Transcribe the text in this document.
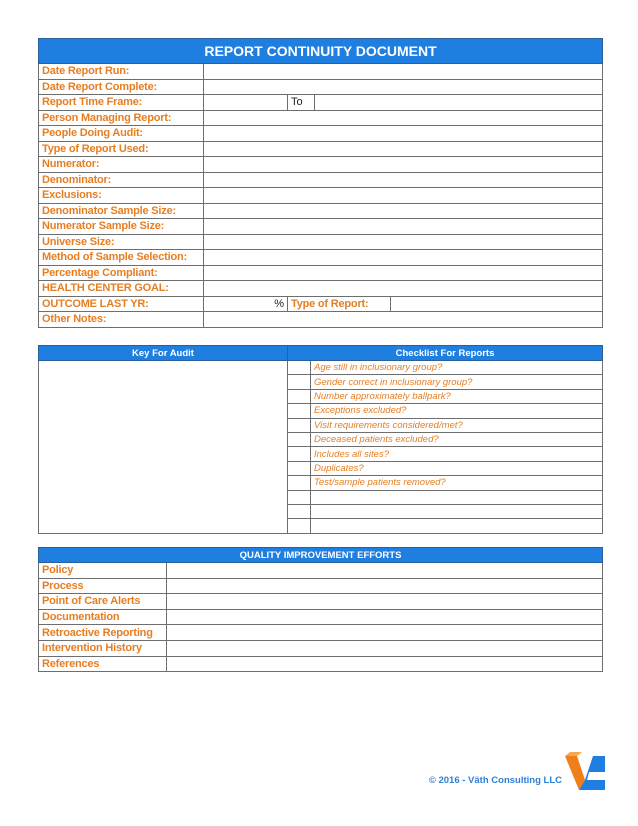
REPORT CONTINUITY DOCUMENT				
Date Report Run:				
Date Report Complete:				
Report Time Frame:		To		
Person Managing Report:				
People Doing Audit:				
Type of Report Used:				
Numerator:				
Denominator:				
Exclusions:				
Denominator Sample Size:				
Numerator Sample Size:				
Universe Size:				
Method of Sample Selection:				
Percentage Compliant:				
HEALTH CENTER GOAL:				
OUTCOME LAST YR:	%	Type of Report:		
Other Notes:				
Key For Audit	Checklist For Reports	
		Age still in inclusionary group?
		Gender correct in inclusionary group?
		Number approximately ballpark?
		Exceptions excluded?
		Visit requirements considered/met?
		Deceased patients excluded?
		Includes all sites?
		Duplicates?
		Test/sample patients removed?

QUALITY IMPROVEMENT EFFORTS	
Policy	
Process	
Point of Care Alerts	
Documentation	
Retroactive Reporting	
Intervention History	
References	
© 2016 - Väth Consulting LLC
